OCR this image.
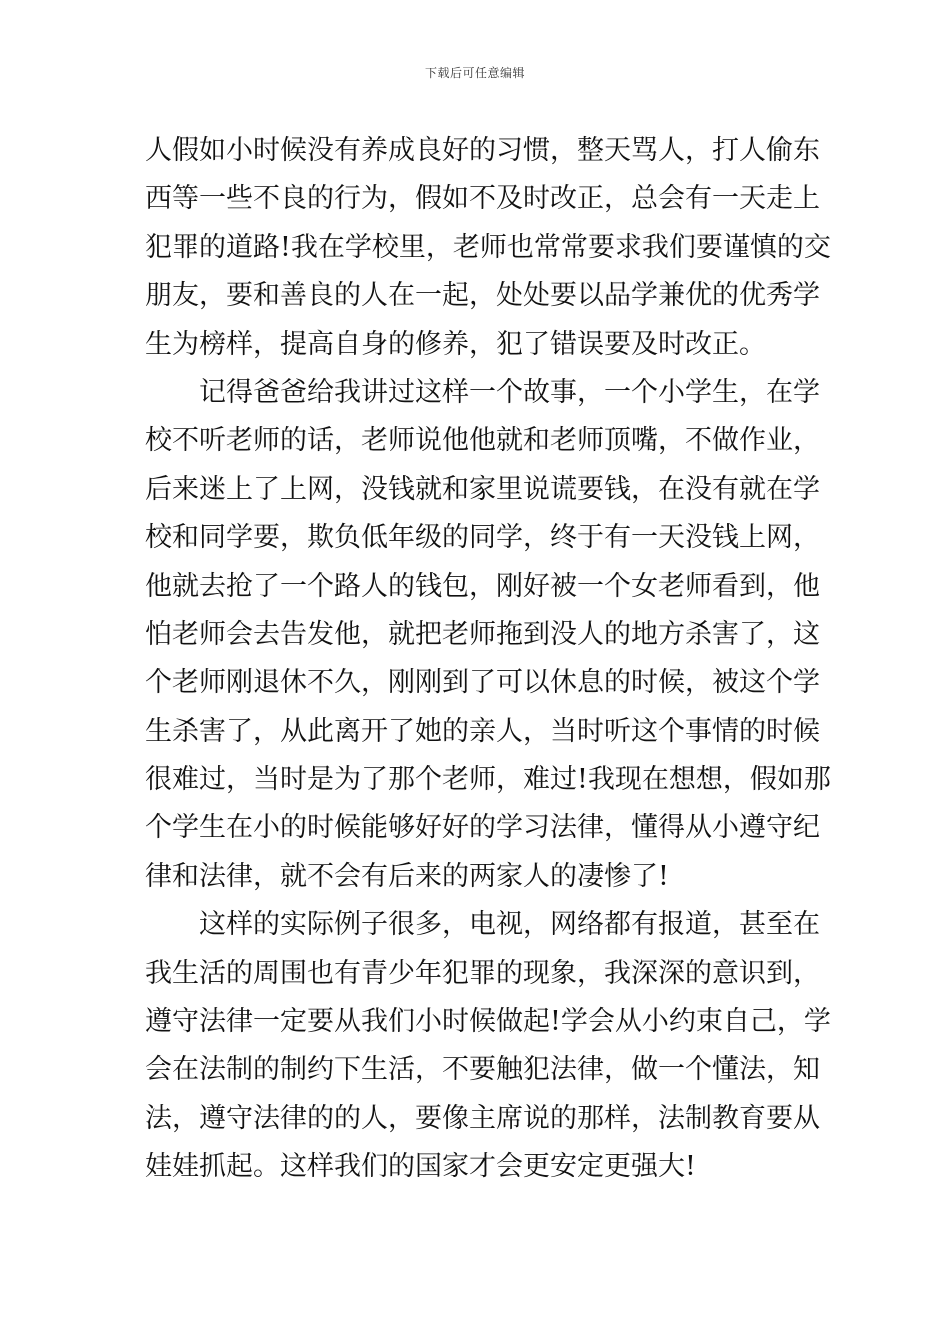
下载后可任意编辑
人假如小时候没有养成良好的习惯，整天骂人，打人偷东
西等一些不良的行为，假如不及时改正，总会有一天走上
犯罪的道路!我在学校里，老师也常常要求我们要谨慎的交
朋友，要和善良的人在一起，处处要以品学兼优的优秀学
生为榜样，提高自身的修养，犯了错误要及时改正。
记得爸爸给我讲过这样一个故事，一个小学生，在学
校不听老师的话，老师说他他就和老师顶嘴，不做作业，
后来迷上了上网，没钱就和家里说谎要钱，在没有就在学
校和同学要，欺负低年级的同学，终于有一天没钱上网，
他就去抢了一个路人的钱包，刚好被一个女老师看到，他
怕老师会去告发他，就把老师拖到没人的地方杀害了，这
个老师刚退休不久，刚刚到了可以休息的时候，被这个学
生杀害了，从此离开了她的亲人，当时听这个事情的时候
很难过，当时是为了那个老师，难过!我现在想想，假如那
个学生在小的时候能够好好的学习法律，懂得从小遵守纪
律和法律，就不会有后来的两家人的凄惨了!
这样的实际例子很多，电视，网络都有报道，甚至在
我生活的周围也有青少年犯罪的现象，我深深的意识到，
遵守法律一定要从我们小时候做起!学会从小约束自己，学
会在法制的制约下生活，不要触犯法律，做一个懂法，知
法，遵守法律的的人，要像主席说的那样，法制教育要从
娃娃抓起。这样我们的国家才会更安定更强大!
